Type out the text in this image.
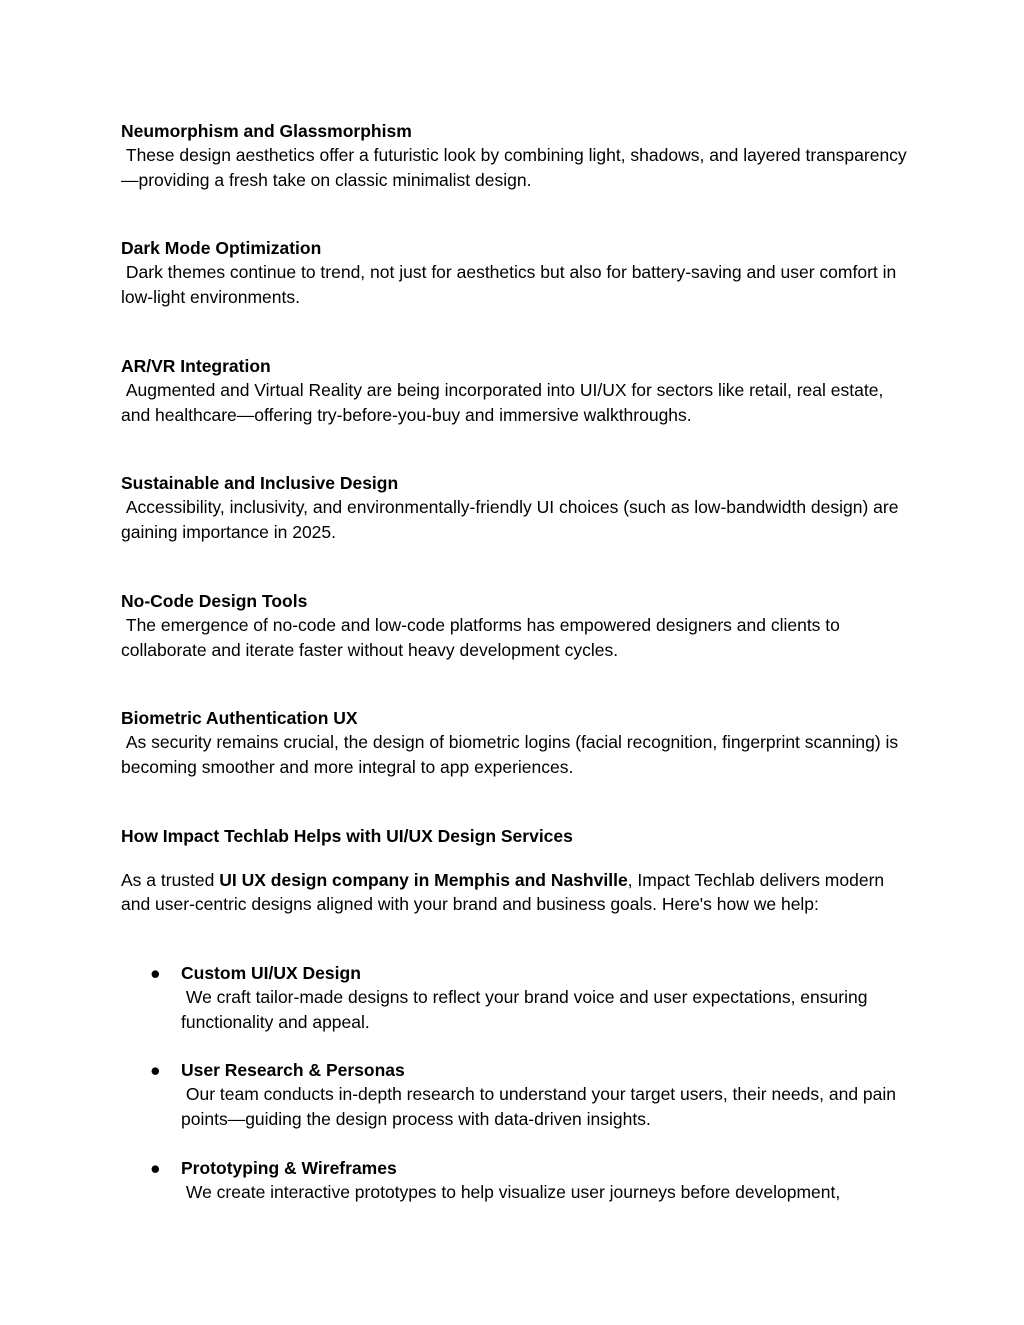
Neumorphism and Glassmorphism
These design aesthetics offer a futuristic look by combining light, shadows, and layered transparency—providing a fresh take on classic minimalist design.
Dark Mode Optimization
Dark themes continue to trend, not just for aesthetics but also for battery-saving and user comfort in low-light environments.
AR/VR Integration
Augmented and Virtual Reality are being incorporated into UI/UX for sectors like retail, real estate, and healthcare—offering try-before-you-buy and immersive walkthroughs.
Sustainable and Inclusive Design
Accessibility, inclusivity, and environmentally-friendly UI choices (such as low-bandwidth design) are gaining importance in 2025.
No-Code Design Tools
The emergence of no-code and low-code platforms has empowered designers and clients to collaborate and iterate faster without heavy development cycles.
Biometric Authentication UX
As security remains crucial, the design of biometric logins (facial recognition, fingerprint scanning) is becoming smoother and more integral to app experiences.
How Impact Techlab Helps with UI/UX Design Services
As a trusted UI UX design company in Memphis and Nashville, Impact Techlab delivers modern and user-centric designs aligned with your brand and business goals. Here's how we help:
● Custom UI/UX Design
We craft tailor-made designs to reflect your brand voice and user expectations, ensuring functionality and appeal.
● User Research & Personas
Our team conducts in-depth research to understand your target users, their needs, and pain points—guiding the design process with data-driven insights.
● Prototyping & Wireframes
We create interactive prototypes to help visualize user journeys before development,
